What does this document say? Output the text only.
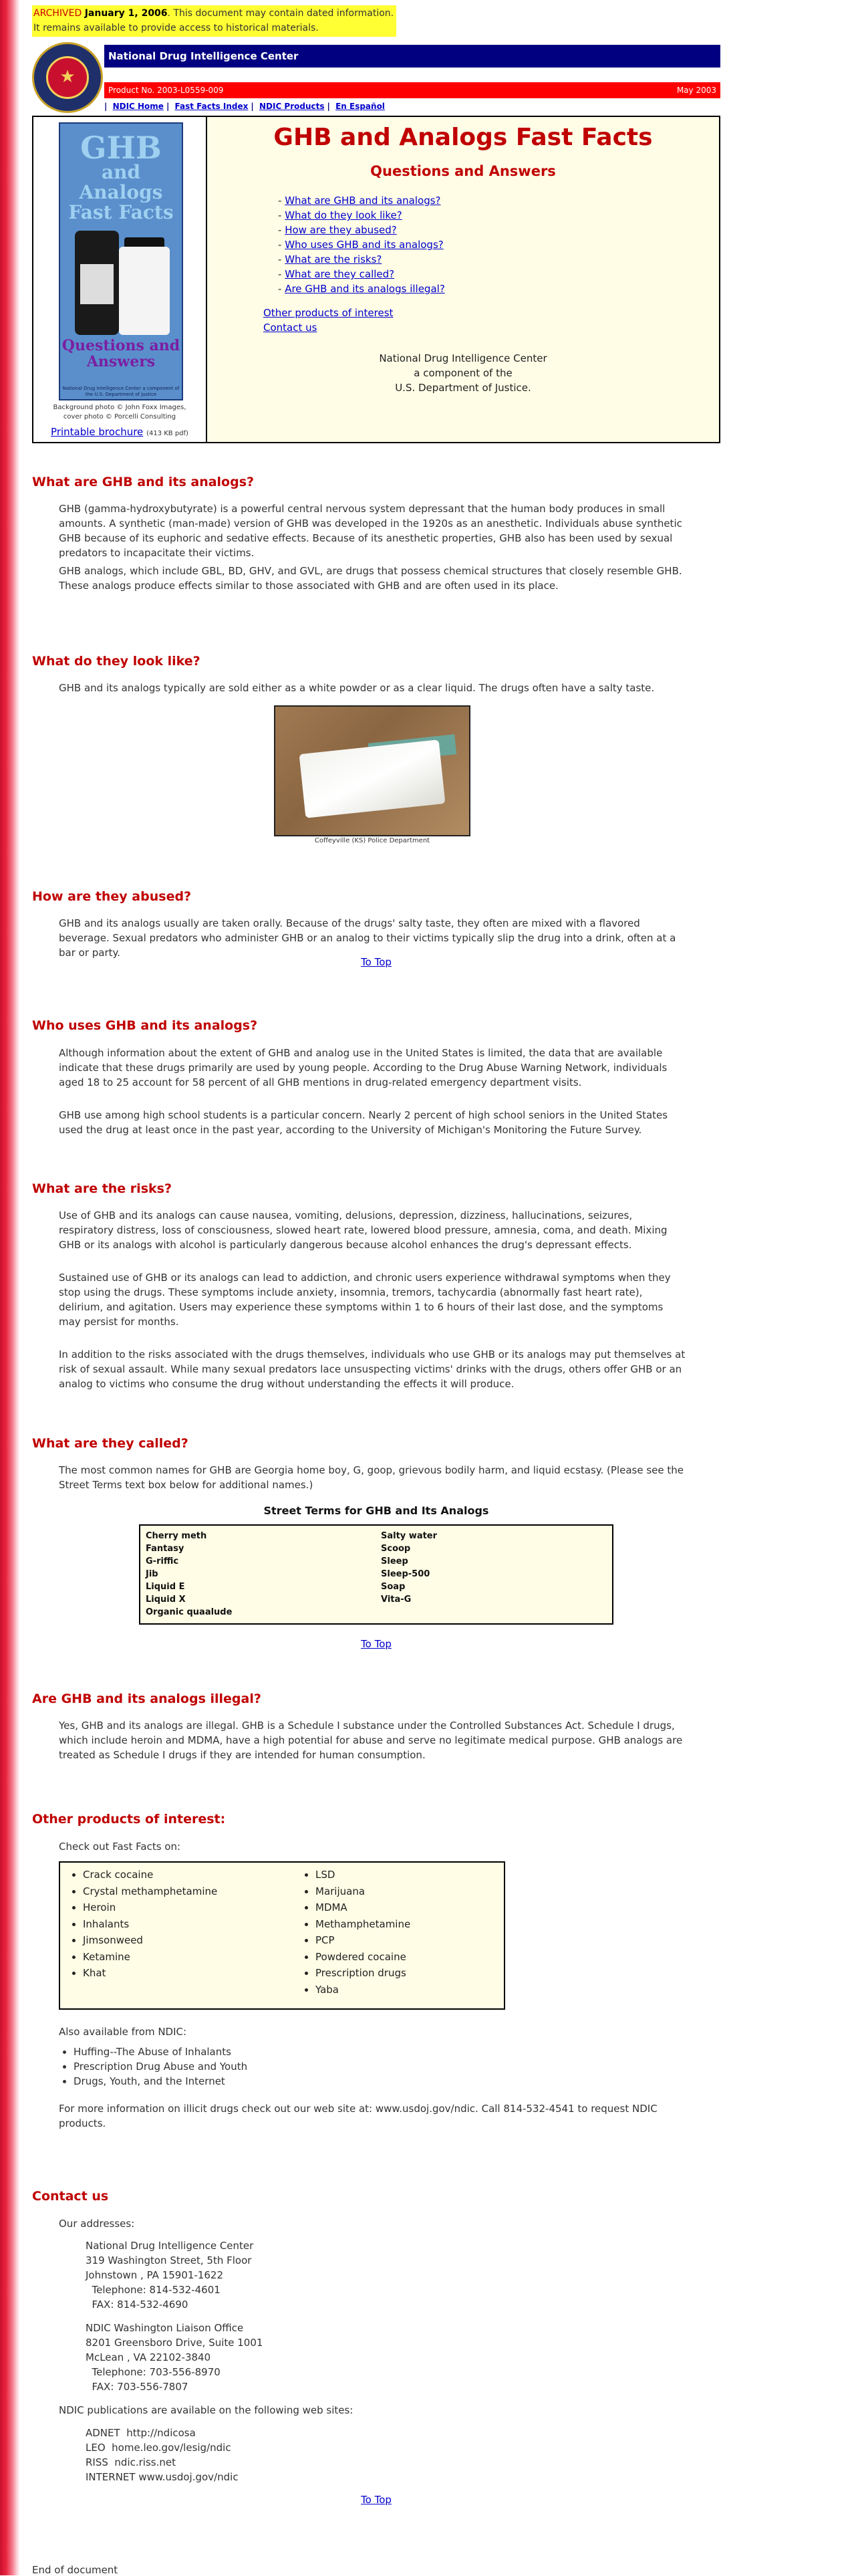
ARCHIVED January 1, 2006. This document may contain dated information.
It remains available to provide access to historical materials.
★
National Drug Intelligence Center
Product No. 2003-L0559-009	May 2003
| NDIC Home | Fast Facts Index | NDIC Products | En Español
GHB
and Analogs
Fast Facts
Questions and Answers
National Drug Intelligence Center a component of the U.S. Department of Justice
Background photo © John Foxx Images,
cover photo © Porcelli Consulting
Printable brochure (413 KB pdf)
GHB and Analogs Fast Facts
Questions and Answers
- What are GHB and its analogs?
- What do they look like?
- How are they abused?
- Who uses GHB and its analogs?
- What are the risks?
- What are they called?
- Are GHB and its analogs illegal?
Other products of interest
Contact us
National Drug Intelligence Center
a component of the
U.S. Department of Justice.
What are GHB and its analogs?

GHB (gamma-hydroxybutyrate) is a powerful central nervous system depressant that the human body produces in small amounts. A synthetic (man-made) version of GHB was developed in the 1920s as an anesthetic. Individuals abuse synthetic GHB because of its euphoric and sedative effects. Because of its anesthetic properties, GHB also has been used by sexual predators to incapacitate their victims.

GHB analogs, which include GBL, BD, GHV, and GVL, are drugs that possess chemical structures that closely resemble GHB. These analogs produce effects similar to those associated with GHB and are often used in its place.

What do they look like?

GHB and its analogs typically are sold either as a white powder or as a clear liquid. The drugs often have a salty taste.

Coffeyville (KS) Police Department
How are they abused?

GHB and its analogs usually are taken orally. Because of the drugs' salty taste, they often are mixed with a flavored beverage. Sexual predators who administer GHB or an analog to their victims typically slip the drug into a drink, often at a bar or party.

To Top
Who uses GHB and its analogs?

Although information about the extent of GHB and analog use in the United States is limited, the data that are available indicate that these drugs primarily are used by young people. According to the Drug Abuse Warning Network, individuals aged 18 to 25 account for 58 percent of all GHB mentions in drug-related emergency department visits.

GHB use among high school students is a particular concern. Nearly 2 percent of high school seniors in the United States used the drug at least once in the past year, according to the University of Michigan's Monitoring the Future Survey.

What are the risks?

Use of GHB and its analogs can cause nausea, vomiting, delusions, depression, dizziness, hallucinations, seizures, respiratory distress, loss of consciousness, slowed heart rate, lowered blood pressure, amnesia, coma, and death. Mixing GHB or its analogs with alcohol is particularly dangerous because alcohol enhances the drug's depressant effects.

Sustained use of GHB or its analogs can lead to addiction, and chronic users experience withdrawal symptoms when they stop using the drugs. These symptoms include anxiety, insomnia, tremors, tachycardia (abnormally fast heart rate), delirium, and agitation. Users may experience these symptoms within 1 to 6 hours of their last dose, and the symptoms may persist for months.

In addition to the risks associated with the drugs themselves, individuals who use GHB or its analogs may put themselves at risk of sexual assault. While many sexual predators lace unsuspecting victims' drinks with the drugs, others offer GHB or an analog to victims who consume the drug without understanding the effects it will produce.

What are they called?

The most common names for GHB are Georgia home boy, G, goop, grievous bodily harm, and liquid ecstasy. (Please see the Street Terms text box below for additional names.)

Street Terms for GHB and Its Analogs
Cherry meth
Fantasy
G-riffic
Jib
Liquid E
Liquid X
Organic quaalude
Salty water
Scoop
Sleep
Sleep-500
Soap
Vita-G
To Top
Are GHB and its analogs illegal?

Yes, GHB and its analogs are illegal. GHB is a Schedule I substance under the Controlled Substances Act. Schedule I drugs, which include heroin and MDMA, have a high potential for abuse and serve no legitimate medical purpose. GHB analogs are treated as Schedule I drugs if they are intended for human consumption.

Other products of interest:

Check out Fast Facts on:

• Crack cocaine
• Crystal methamphetamine
• Heroin
• Inhalants
• Jimsonweed
• Ketamine
• Khat
• LSD
• Marijuana
• MDMA
• Methamphetamine
• PCP
• Powdered cocaine
• Prescription drugs
• Yaba

Also available from NDIC:

• Huffing--The Abuse of Inhalants
• Prescription Drug Abuse and Youth
• Drugs, Youth, and the Internet

For more information on illicit drugs check out our web site at: www.usdoj.gov/ndic. Call 814-532-4541 to request NDIC
products.

Contact us

Our addresses:

National Drug Intelligence Center
319 Washington Street, 5th Floor
Johnstown , PA 15901-1622
Telephone: 814-532-4601
FAX: 814-532-4690
NDIC Washington Liaison Office
8201 Greensboro Drive, Suite 1001
McLean , VA 22102-3840
Telephone: 703-556-8970
FAX: 703-556-7807

NDIC publications are available on the following web sites:

ADNET  http://ndicosa
LEO  home.leo.gov/lesig/ndic
RISS  ndic.riss.net
INTERNET www.usdoj.gov/ndic
To Top
End of document
